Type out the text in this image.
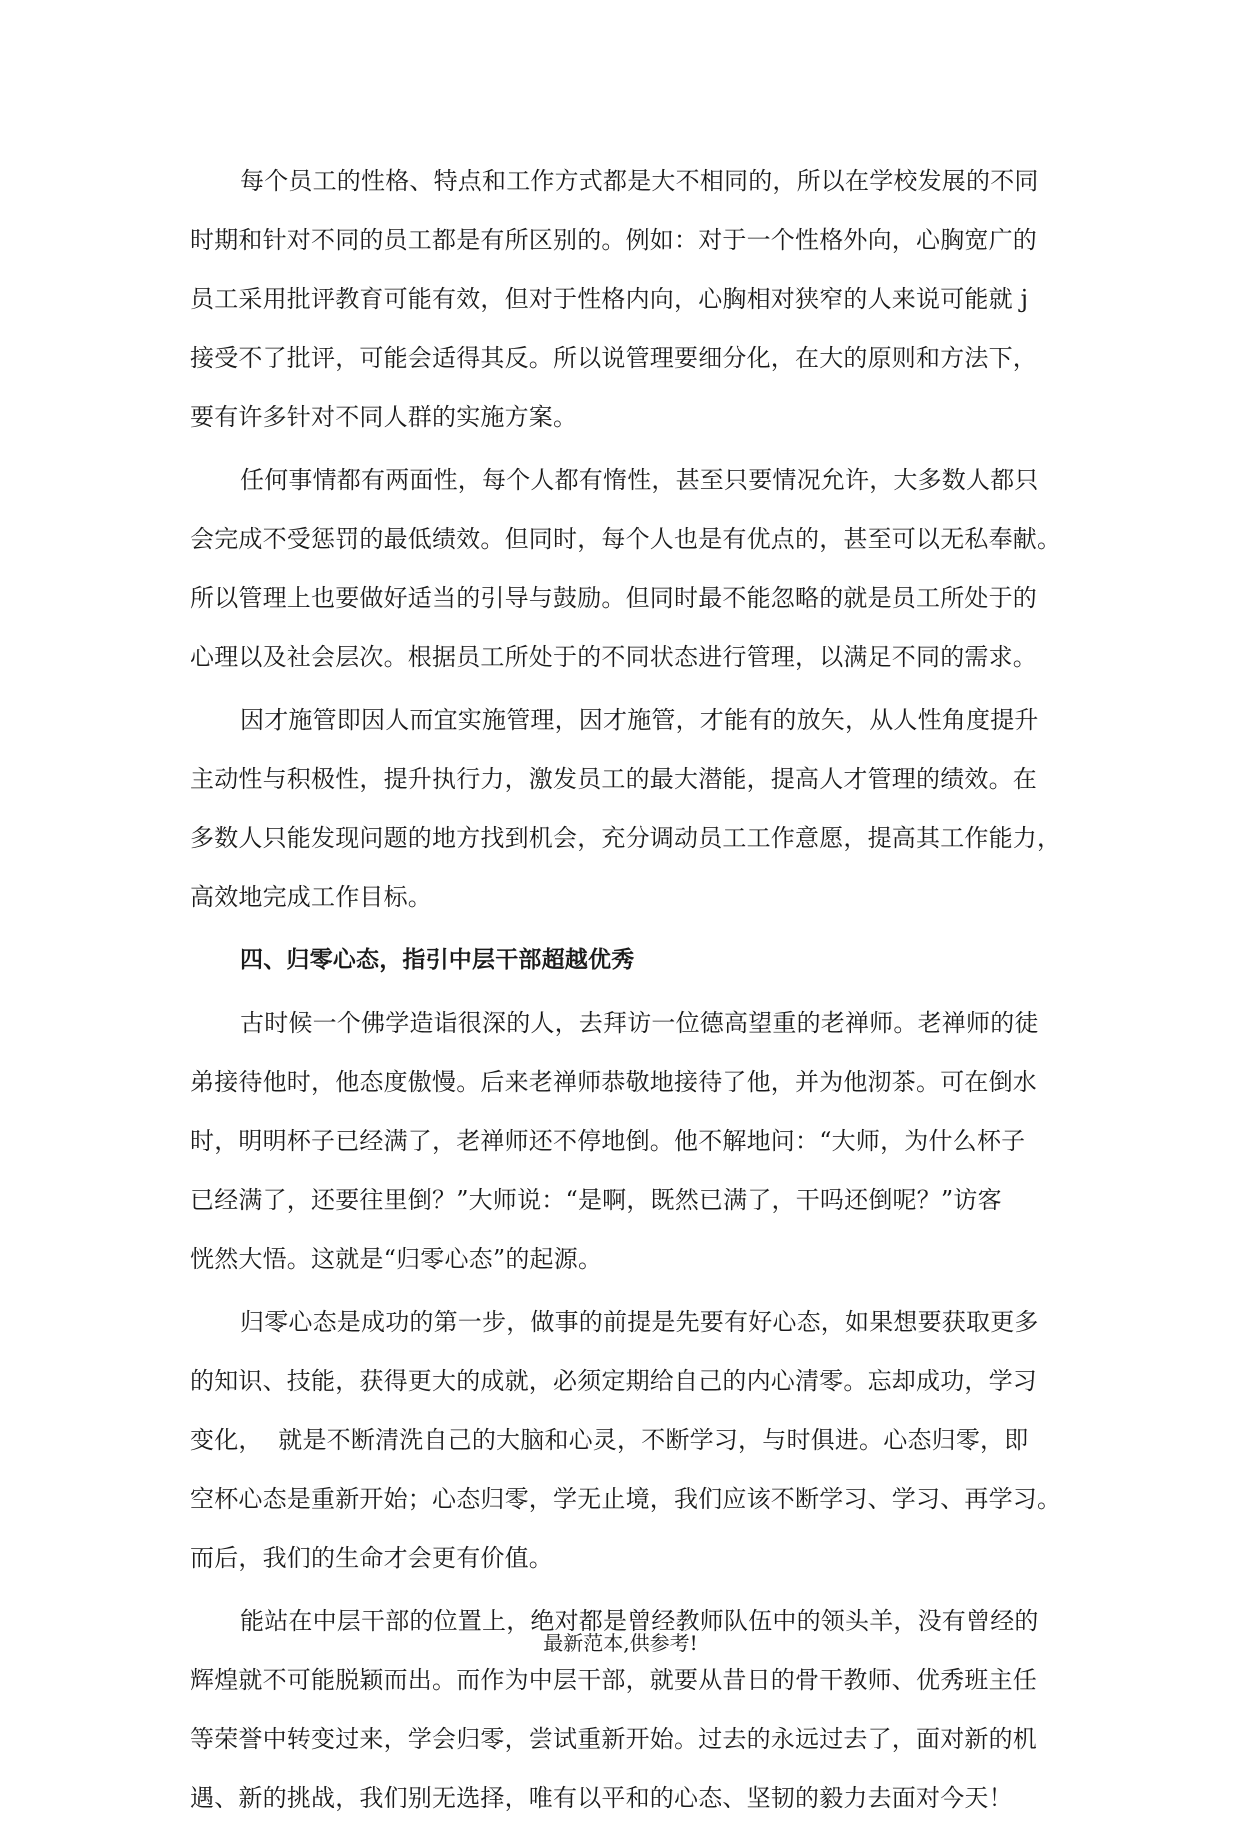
每个员工的性格、特点和工作方式都是大不相同的，所以在学校发展的不同
时期和针对不同的员工都是有所区别的。例如：对于一个性格外向，心胸宽广的
员工采用批评教育可能有效，但对于性格内向，心胸相对狭窄的人来说可能就 j
接受不了批评，可能会适得其反。所以说管理要细分化，在大的原则和方法下，
要有许多针对不同人群的实施方案。
任何事情都有两面性，每个人都有惰性，甚至只要情况允许，大多数人都只
会完成不受惩罚的最低绩效。但同时，每个人也是有优点的，甚至可以无私奉献。
所以管理上也要做好适当的引导与鼓励。但同时最不能忽略的就是员工所处于的
心理以及社会层次。根据员工所处于的不同状态进行管理，以满足不同的需求。
因才施管即因人而宜实施管理，因才施管，才能有的放矢，从人性角度提升
主动性与积极性，提升执行力，激发员工的最大潜能，提高人才管理的绩效。在
多数人只能发现问题的地方找到机会，充分调动员工工作意愿，提高其工作能力，
高效地完成工作目标。
四、归零心态，指引中层干部超越优秀
古时候一个佛学造诣很深的人，去拜访一位德高望重的老禅师。老禅师的徒
弟接待他时，他态度傲慢。后来老禅师恭敬地接待了他，并为他沏茶。可在倒水
时，明明杯子已经满了，老禅师还不停地倒。他不解地问：“大师，为什么杯子
已经满了，还要往里倒？”大师说：“是啊，既然已满了，干吗还倒呢？”访客
恍然大悟。这就是“归零心态”的起源。
归零心态是成功的第一步，做事的前提是先要有好心态，如果想要获取更多
的知识、技能，获得更大的成就，必须定期给自己的内心清零。忘却成功，学习
变化，  就是不断清洗自己的大脑和心灵，不断学习，与时俱进。心态归零，即
空杯心态是重新开始；心态归零，学无止境，我们应该不断学习、学习、再学习。
而后，我们的生命才会更有价值。
能站在中层干部的位置上，绝对都是曾经教师队伍中的领头羊，没有曾经的
辉煌就不可能脱颖而出。而作为中层干部，就要从昔日的骨干教师、优秀班主任
等荣誉中转变过来，学会归零，尝试重新开始。过去的永远过去了，面对新的机
遇、新的挑战，我们别无选择，唯有以平和的心态、坚韧的毅力去面对今天！
最新范本,供参考!
